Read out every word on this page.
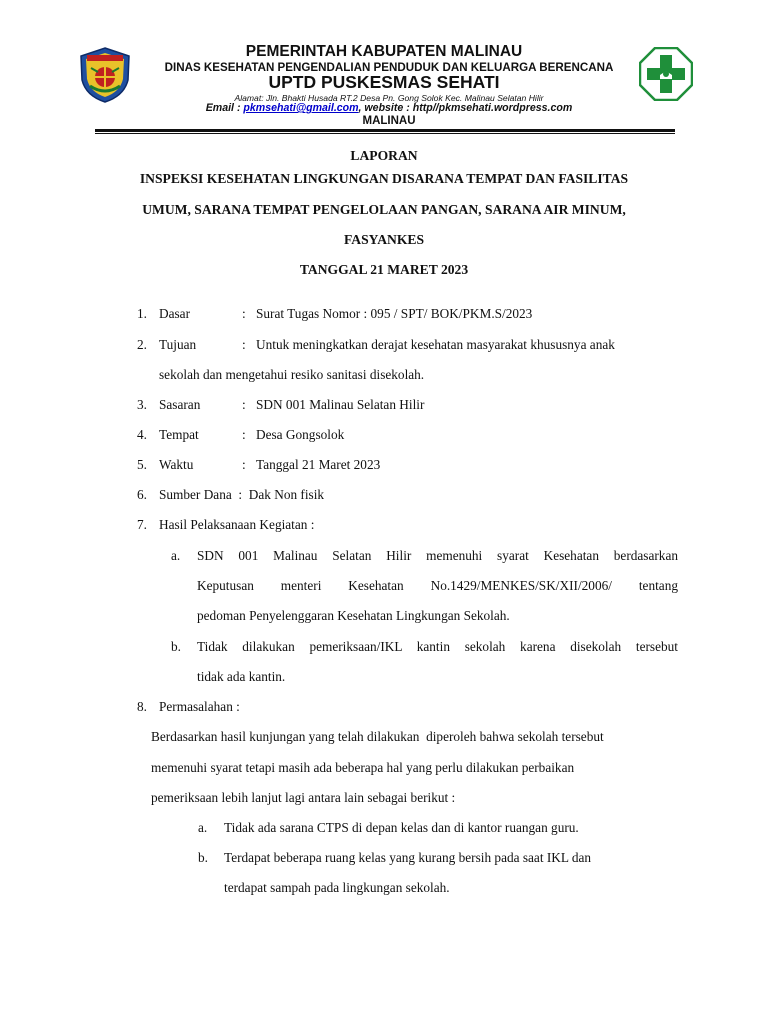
PEMERINTAH KABUPATEN MALINAU
DINAS KESEHATAN PENGENDALIAN PENDUDUK DAN KELUARGA BERENCANA
UPTD PUSKESMAS SEHATI
Alamat: Jln. Bhakti Husada RT.2 Desa Pn. Gong Solok Kec. Malinau Selatan Hilir
Email : pkmsehati@gmail.com, website : http//pkmsehati.wordpress.com
MALINAU
LAPORAN
INSPEKSI KESEHATAN LINGKUNGAN DISARANA TEMPAT DAN FASILITAS
UMUM, SARANA TEMPAT PENGELOLAAN PANGAN, SARANA AIR MINUM,
FASYANKES
TANGGAL 21 MARET 2023
1. Dasar	: Surat Tugas Nomor : 095 / SPT/ BOK/PKM.S/2023
2. Tujuan	: Untuk meningkatkan derajat kesehatan masyarakat khususnya anak
sekolah dan mengetahui resiko sanitasi disekolah.
3. Sasaran	: SDN 001 Malinau Selatan Hilir
4. Tempat	: Desa Gongsolok
5. Waktu	: Tanggal 21 Maret 2023
6. Sumber Dana  :  Dak Non fisik
7. Hasil Pelaksanaan Kegiatan :
a. SDN 001 Malinau Selatan Hilir memenuhi syarat Kesehatan berdasarkan
Keputusan menteri Kesehatan No.1429/MENKES/SK/XII/2006/ tentang
pedoman Penyelenggaran Kesehatan Lingkungan Sekolah.
b. Tidak dilakukan pemeriksaan/IKL kantin sekolah karena disekolah tersebut
tidak ada kantin.
8. Permasalahan :
Berdasarkan hasil kunjungan yang telah dilakukan  diperoleh bahwa sekolah tersebut
memenuhi syarat tetapi masih ada beberapa hal yang perlu dilakukan perbaikan
pemeriksaan lebih lanjut lagi antara lain sebagai berikut :
a. Tidak ada sarana CTPS di depan kelas dan di kantor ruangan guru.
b. Terdapat beberapa ruang kelas yang kurang bersih pada saat IKL dan
terdapat sampah pada lingkungan sekolah.
